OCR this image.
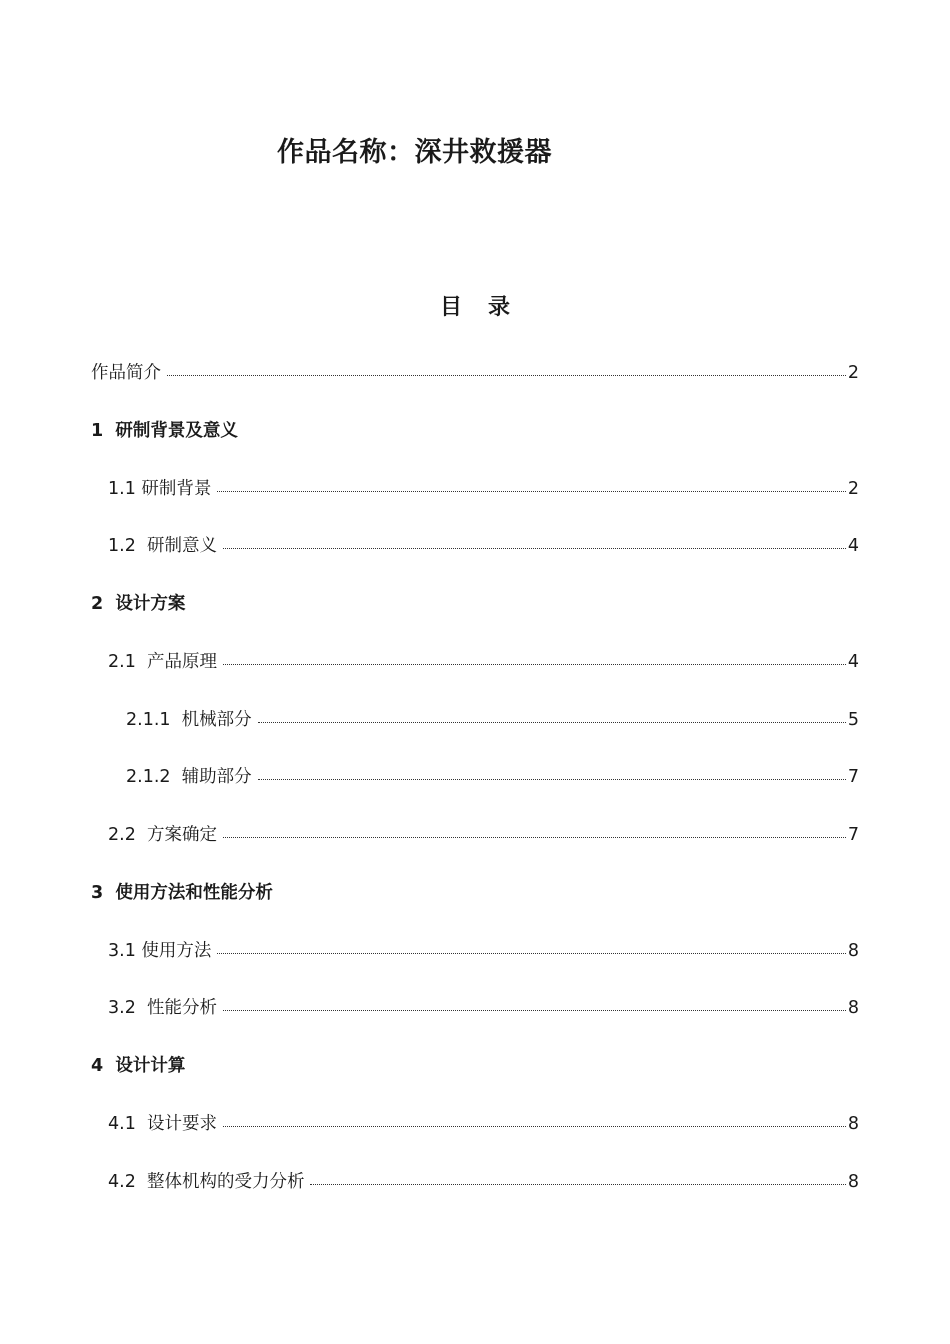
作品名称：深井救援器
目录
作品简介	2
1  研制背景及意义
1.1 研制背景	2
1.2  研制意义	4
2  设计方案
2.1  产品原理	4
2.1.1  机械部分	5
2.1.2  辅助部分	7
2.2  方案确定	7
3  使用方法和性能分析
3.1 使用方法	8
3.2  性能分析	8
4  设计计算
4.1  设计要求	8
4.2  整体机构的受力分析	8
